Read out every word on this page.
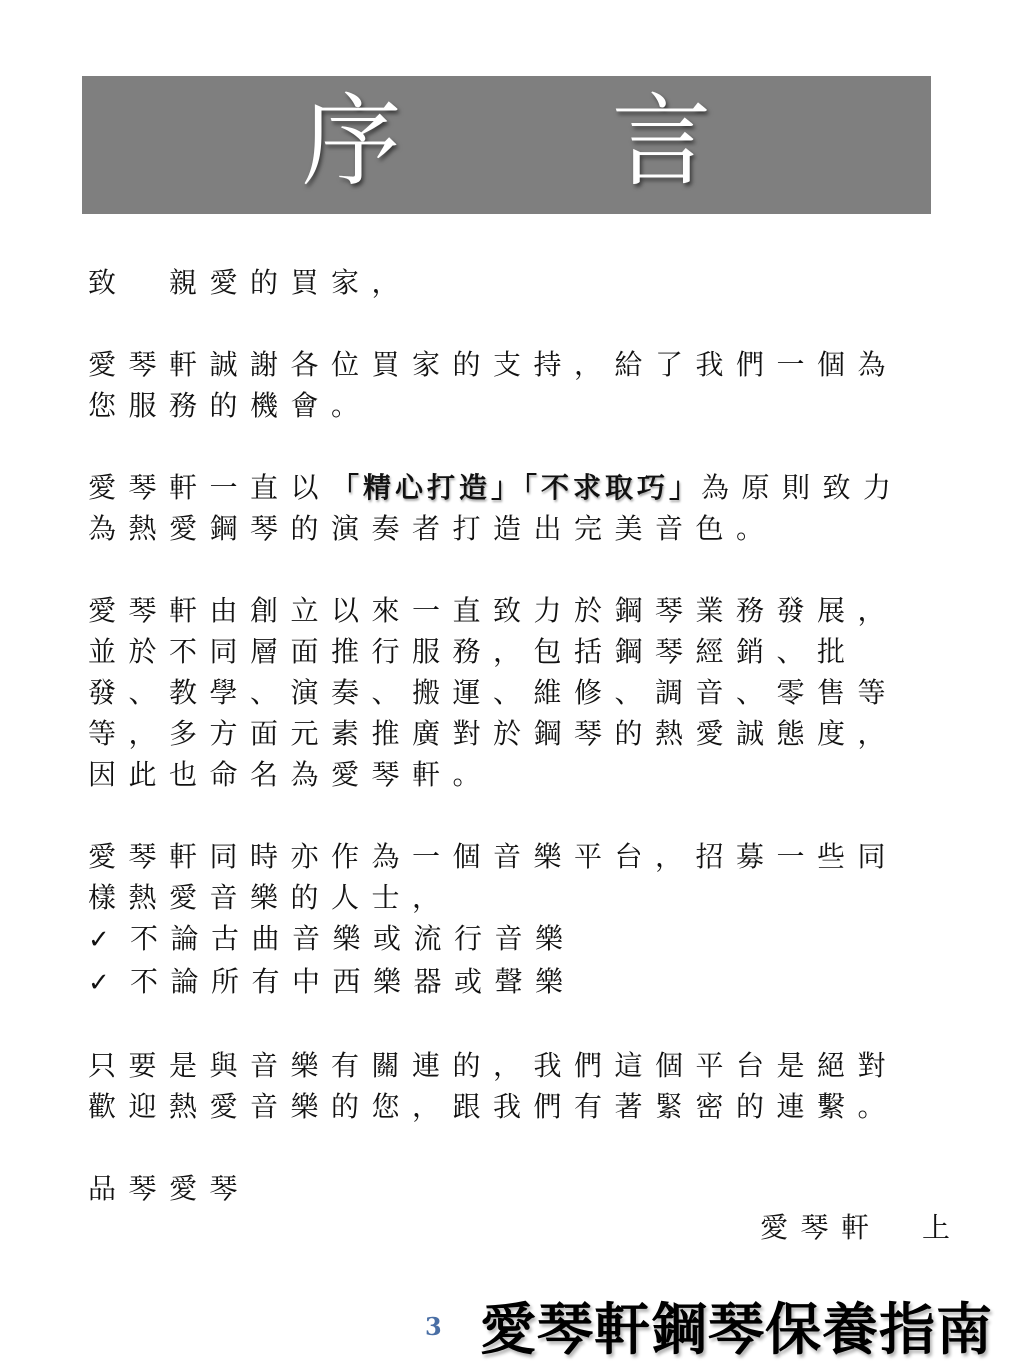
序 言

致　親愛的買家，

愛琴軒誠謝各位買家的支持，給了我們一個為您服務的機會。

愛琴軒一直以「精心打造」「不求取巧」為原則致力為熱愛鋼琴的演奏者打造出完美音色。

愛琴軒由創立以來一直致力於鋼琴業務發展，並於不同層面推行服務，包括鋼琴經銷、批發、教學、演奏、搬運、維修、調音、零售等等，多方面元素推廣對於鋼琴的熱愛誠態度，因此也命名為愛琴軒。

愛琴軒同時亦作為一個音樂平台，招募一些同樣熱愛音樂的人士，

✓ 不論古曲音樂或流行音樂
✓ 不論所有中西樂器或聲樂

只要是與音樂有關連的，我們這個平台是絕對歡迎熱愛音樂的您，跟我們有著緊密的連繫。

品琴愛琴

愛琴軒　上
3 愛琴軒鋼琴保養指南
